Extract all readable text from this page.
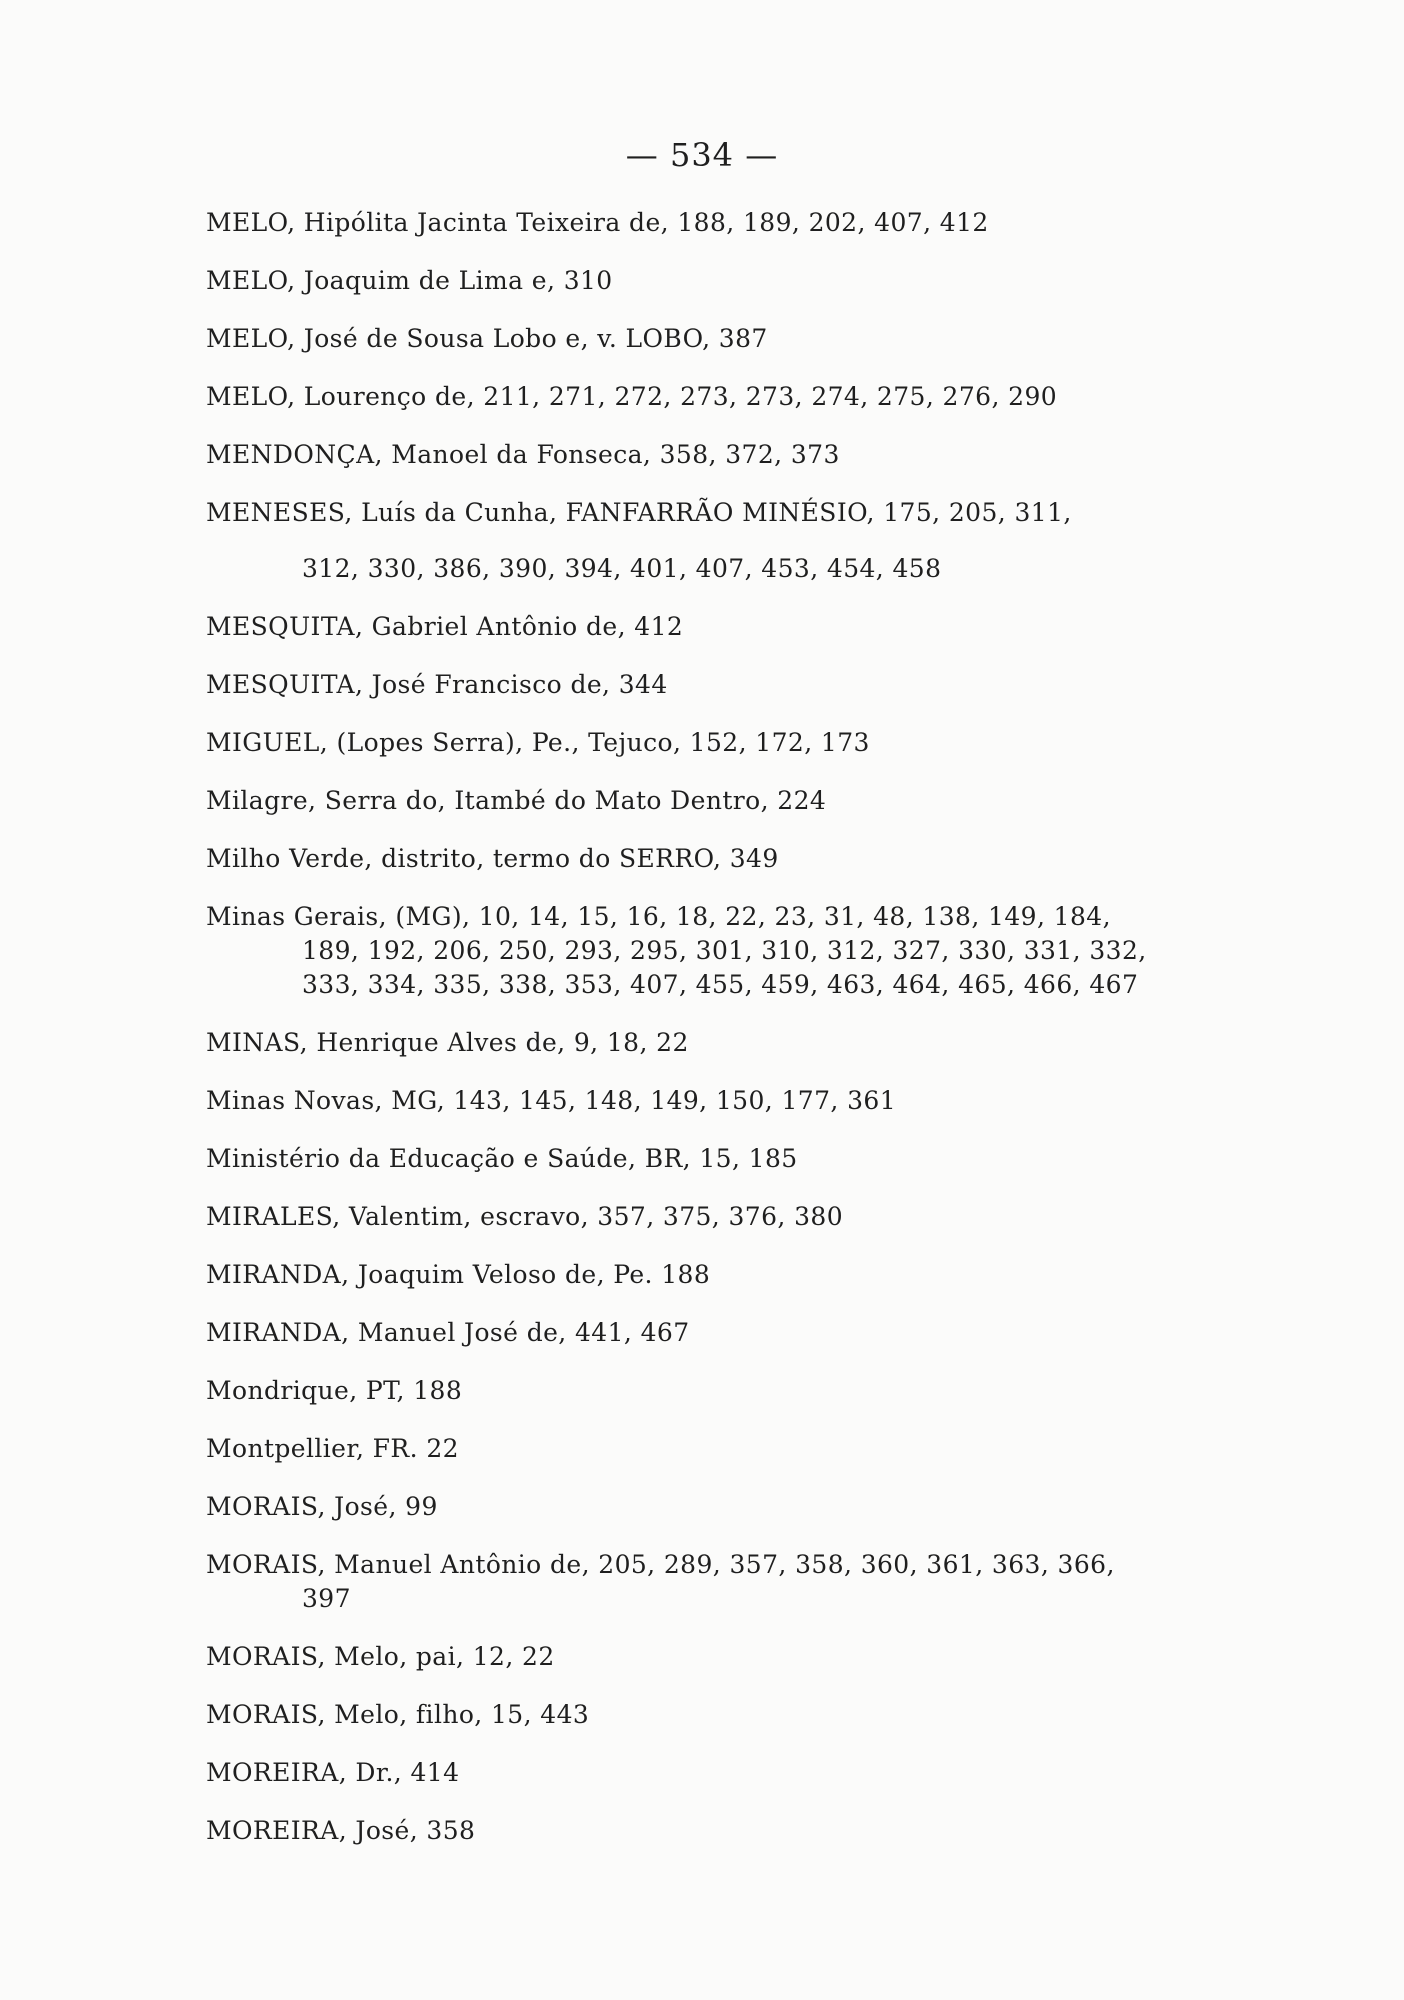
— 534 —
MELO, Hipólita Jacinta Teixeira de, 188, 189, 202, 407, 412
MELO, Joaquim de Lima e, 310
MELO, José de Sousa Lobo e, v. LOBO, 387
MELO, Lourenço de, 211, 271, 272, 273, 273, 274, 275, 276, 290
MENDONÇA, Manoel da Fonseca, 358, 372, 373
MENESES, Luís da Cunha, FANFARRÃO MINÉSIO, 175, 205, 311,
312, 330, 386, 390, 394, 401, 407, 453, 454, 458
MESQUITA, Gabriel Antônio de, 412
MESQUITA, José Francisco de, 344
MIGUEL, (Lopes Serra), Pe., Tejuco, 152, 172, 173
Milagre, Serra do, Itambé do Mato Dentro, 224
Milho Verde, distrito, termo do SERRO, 349
Minas Gerais, (MG), 10, 14, 15, 16, 18, 22, 23, 31, 48, 138, 149, 184,
189, 192, 206, 250, 293, 295, 301, 310, 312, 327, 330, 331, 332,
333, 334, 335, 338, 353, 407, 455, 459, 463, 464, 465, 466, 467
MINAS, Henrique Alves de, 9, 18, 22
Minas Novas, MG, 143, 145, 148, 149, 150, 177, 361
Ministério da Educação e Saúde, BR, 15, 185
MIRALES, Valentim, escravo, 357, 375, 376, 380
MIRANDA, Joaquim Veloso de, Pe. 188
MIRANDA, Manuel José de, 441, 467
Mondrique, PT, 188
Montpellier, FR. 22
MORAIS, José, 99
MORAIS, Manuel Antônio de, 205, 289, 357, 358, 360, 361, 363, 366,
397
MORAIS, Melo, pai, 12, 22
MORAIS, Melo, filho, 15, 443
MOREIRA, Dr., 414
MOREIRA, José, 358
